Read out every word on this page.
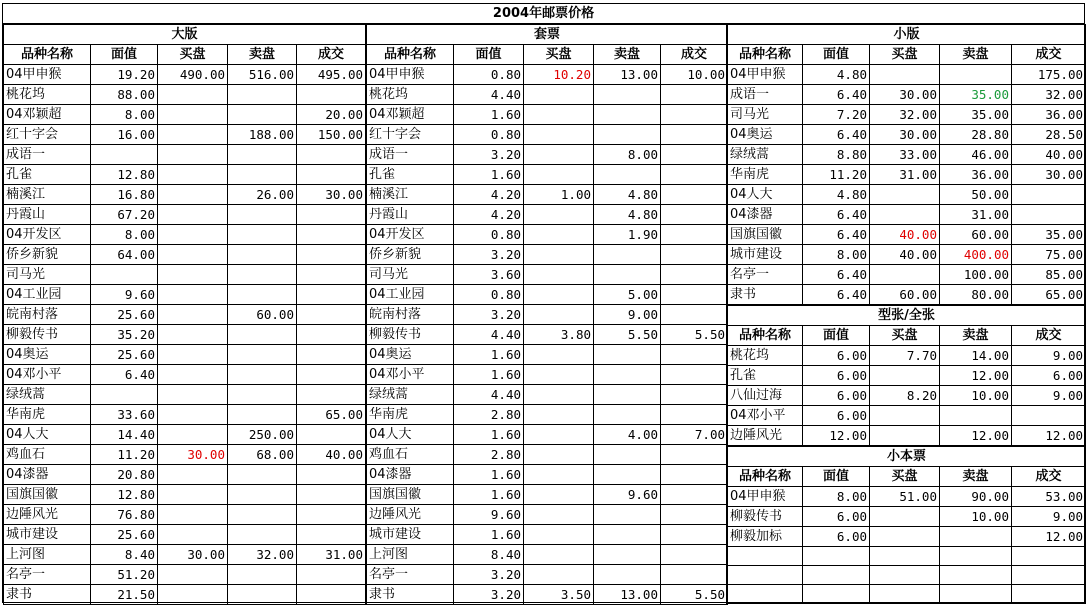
2004年邮票价格
大版				
品种名称	面值	买盘	卖盘	成交
04甲申猴	19.20	490.00	516.00	495.00
桃花坞	88.00			
04邓颖超	8.00			20.00
红十字会	16.00		188.00	150.00
成语一				
孔雀	12.80			
楠溪江	16.80		26.00	30.00
丹霞山	67.20			
04开发区	8.00			
侨乡新貌	64.00			
司马光				
04工业园	9.60			
皖南村落	25.60		60.00	
柳毅传书	35.20			
04奥运	25.60			
04邓小平	6.40			
绿绒蒿				
华南虎	33.60			65.00
04人大	14.40		250.00	
鸡血石	11.20	30.00	68.00	40.00
04漆器	20.80			
国旗国徽	12.80			
边陲风光	76.80			
城市建设	25.60			
上河图	8.40	30.00	32.00	31.00
名亭一	51.20			
隶书	21.50			
套票				
品种名称	面值	买盘	卖盘	成交
04甲申猴	0.80	10.20	13.00	10.00
桃花坞	4.40			
04邓颖超	1.60			
红十字会	0.80			
成语一	3.20		8.00	
孔雀	1.60			
楠溪江	4.20	1.00	4.80	
丹霞山	4.20		4.80	
04开发区	0.80		1.90	
侨乡新貌	3.20			
司马光	3.60			
04工业园	0.80		5.00	
皖南村落	3.20		9.00	
柳毅传书	4.40	3.80	5.50	5.50
04奥运	1.60			
04邓小平	1.60			
绿绒蒿	4.40			
华南虎	2.80			
04人大	1.60		4.00	7.00
鸡血石	2.80			
04漆器	1.60			
国旗国徽	1.60		9.60	
边陲风光	9.60			
城市建设	1.60			
上河图	8.40			
名亭一	3.20			
隶书	3.20	3.50	13.00	5.50
小版				
品种名称	面值	买盘	卖盘	成交
04甲申猴	4.80			175.00
成语一	6.40	30.00	35.00	32.00
司马光	7.20	32.00	35.00	36.00
04奥运	6.40	30.00	28.80	28.50
绿绒蒿	8.80	33.00	46.00	40.00
华南虎	11.20	31.00	36.00	30.00
04人大	4.80		50.00	
04漆器	6.40		31.00	
国旗国徽	6.40	40.00	60.00	35.00
城市建设	8.00	40.00	400.00	75.00
名亭一	6.40		100.00	85.00
隶书	6.40	60.00	80.00	65.00
型张/全张				
品种名称	面值	买盘	卖盘	成交
桃花坞	6.00	7.70	14.00	9.00
孔雀	6.00		12.00	6.00
八仙过海	6.00	8.20	10.00	9.00
04邓小平	6.00			
边陲风光	12.00		12.00	12.00
小本票				
品种名称	面值	买盘	卖盘	成交
04甲申猴	8.00	51.00	90.00	53.00
柳毅传书	6.00		10.00	9.00
柳毅加标	6.00			12.00
